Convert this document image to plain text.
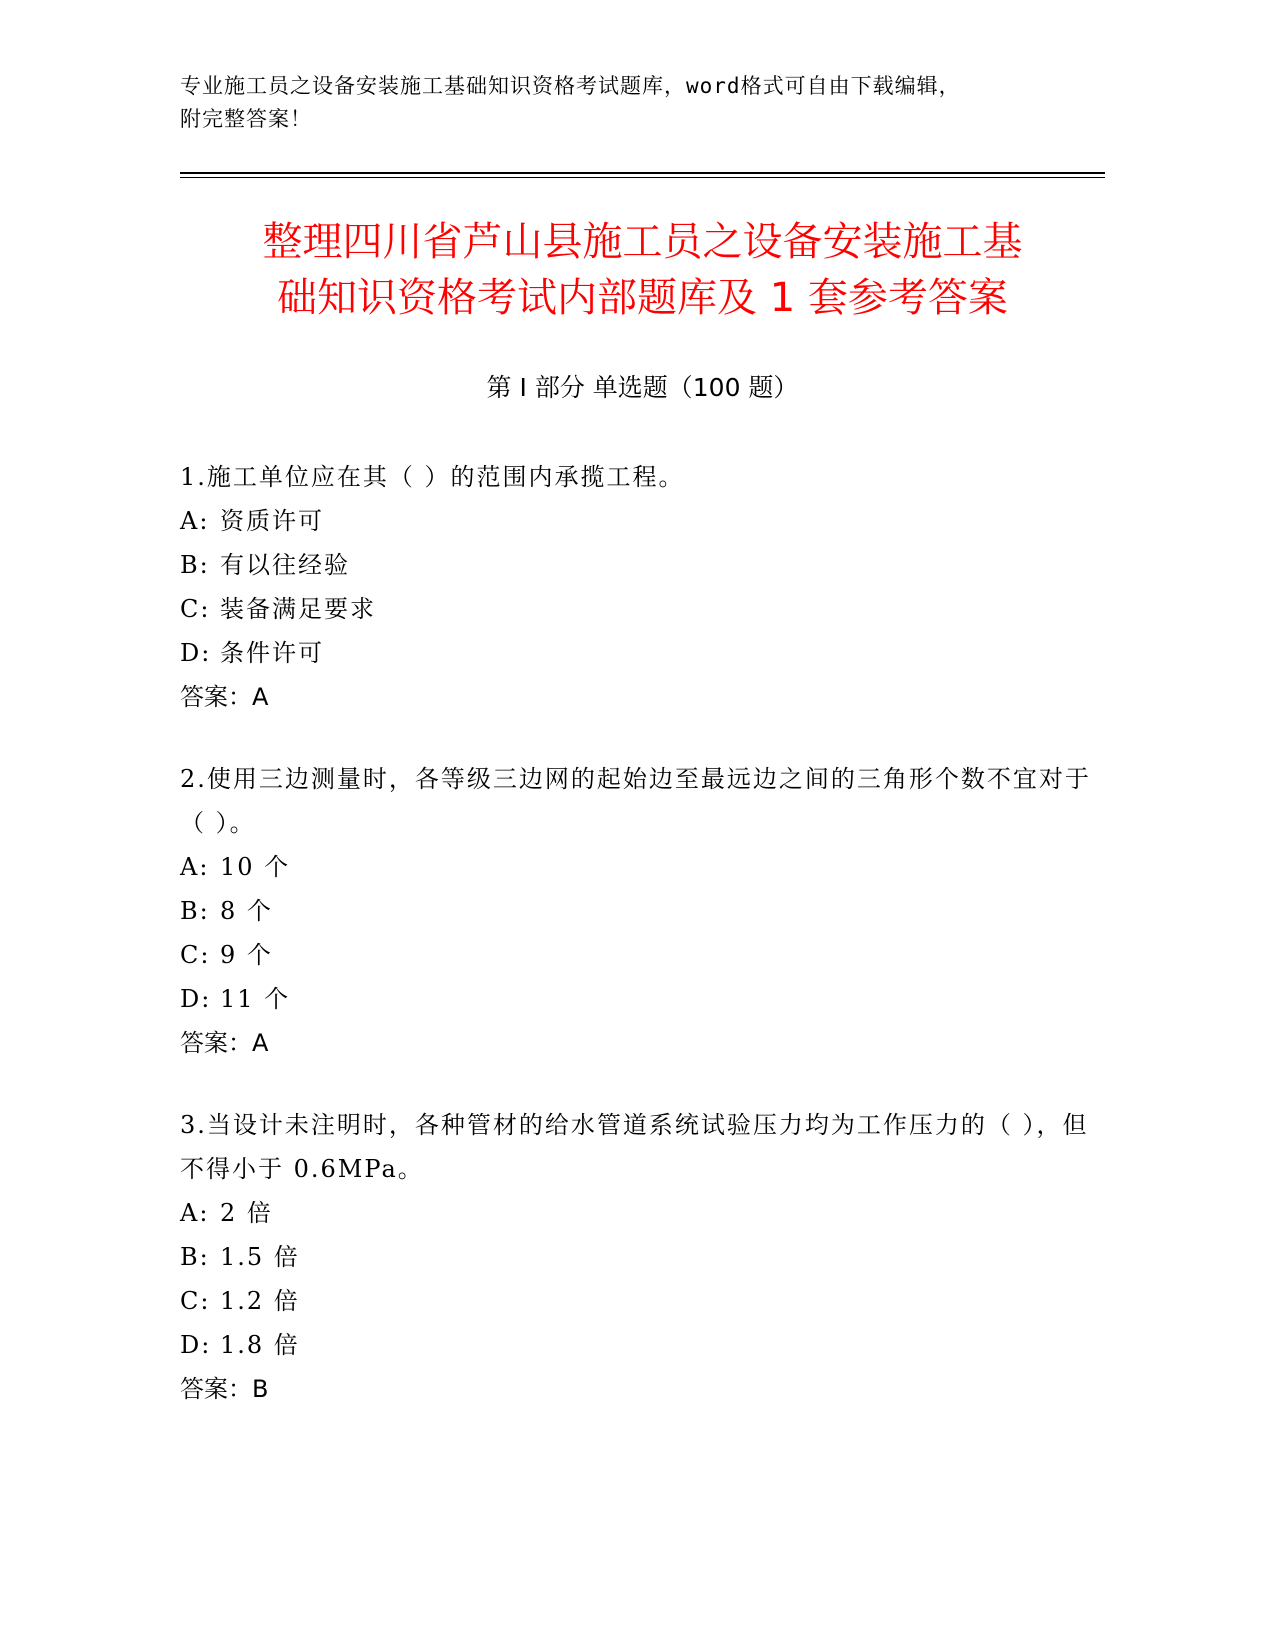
专业施工员之设备安装施工基础知识资格考试题库，word格式可自由下载编辑，
附完整答案！
整理四川省芦山县施工员之设备安装施工基
础知识资格考试内部题库及 1 套参考答案
第 I 部分 单选题（100 题）
1.施工单位应在其（ ）的范围内承揽工程。
A: 资质许可
B: 有以往经验
C: 装备满足要求
D: 条件许可
答案：A
2.使用三边测量时，各等级三边网的起始边至最远边之间的三角形个数不宜对于（ ）。
A: 10 个
B: 8 个
C: 9 个
D: 11 个
答案：A
3.当设计未注明时，各种管材的给水管道系统试验压力均为工作压力的（ ），但不得小于 0.6MPa。
A: 2 倍
B: 1.5 倍
C: 1.2 倍
D: 1.8 倍
答案：B
